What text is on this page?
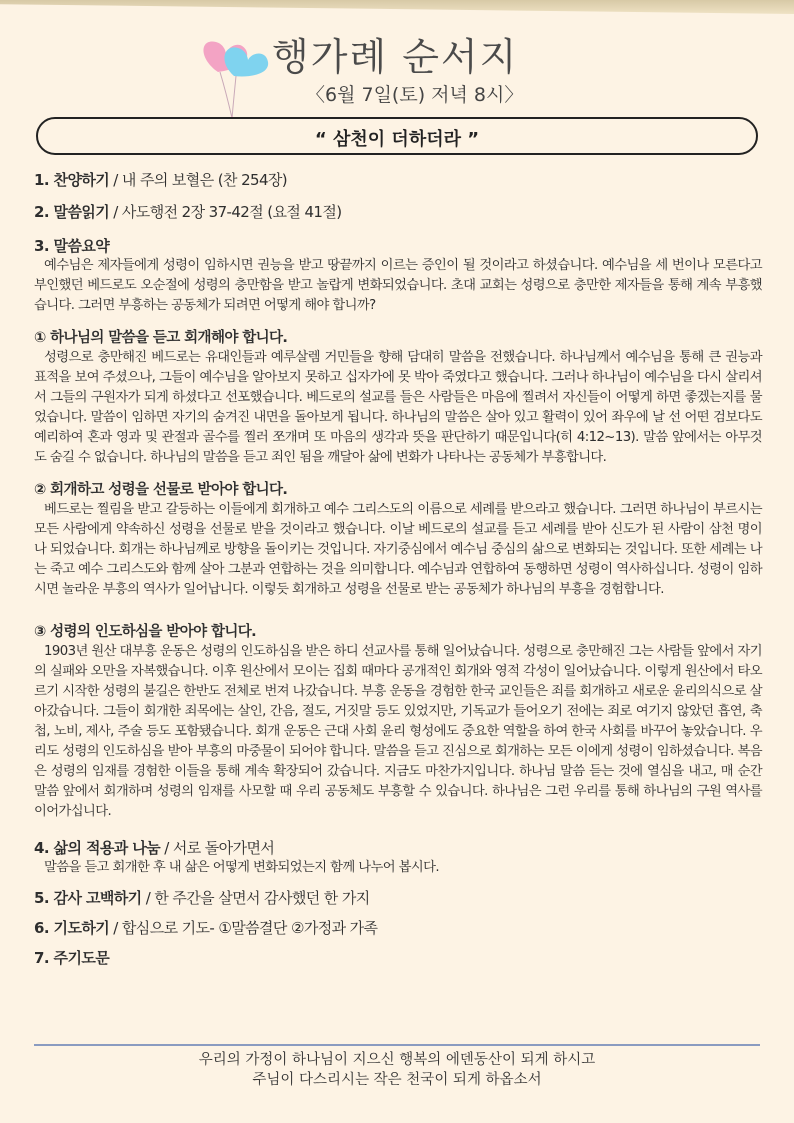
행가례 순서지
〈6월 7일(토) 저녁 8시〉
“ 삼천이 더하더라 ”
1. 찬양하기 / 내 주의 보혈은 (찬 254장)
2. 말씀읽기 / 사도행전 2장 37-42절 (요절 41절)
3. 말씀요약

예수님은 제자들에게 성령이 임하시면 권능을 받고 땅끝까지 이르는 증인이 될 것이라고 하셨습니다. 예수님을 세 번이나 모른다고 부인했던 베드로도 오순절에 성령의 충만함을 받고 놀랍게 변화되었습니다. 초대 교회는 성령으로 충만한 제자들을 통해 계속 부흥했습니다. 그러면 부흥하는 공동체가 되려면 어떻게 해야 합니까?

① 하나님의 말씀을 듣고 회개해야 합니다.

성령으로 충만해진 베드로는 유대인들과 예루살렘 거민들을 향해 담대히 말씀을 전했습니다. 하나님께서 예수님을 통해 큰 권능과 표적을 보여 주셨으나, 그들이 예수님을 알아보지 못하고 십자가에 못 박아 죽였다고 했습니다. 그러나 하나님이 예수님을 다시 살리셔서 그들의 구원자가 되게 하셨다고 선포했습니다. 베드로의 설교를 들은 사람들은 마음에 찔려서 자신들이 어떻게 하면 좋겠는지를 물었습니다. 말씀이 임하면 자기의 숨겨진 내면을 돌아보게 됩니다. 하나님의 말씀은 살아 있고 활력이 있어 좌우에 날 선 어떤 검보다도 예리하여 혼과 영과 및 관절과 골수를 찔러 쪼개며 또 마음의 생각과 뜻을 판단하기 때문입니다(히 4:12~13). 말씀 앞에서는 아무것도 숨길 수 없습니다. 하나님의 말씀을 듣고 죄인 됨을 깨달아 삶에 변화가 나타나는 공동체가 부흥합니다.

② 회개하고 성령을 선물로 받아야 합니다.

베드로는 찔림을 받고 갈등하는 이들에게 회개하고 예수 그리스도의 이름으로 세례를 받으라고 했습니다. 그러면 하나님이 부르시는 모든 사람에게 약속하신 성령을 선물로 받을 것이라고 했습니다. 이날 베드로의 설교를 듣고 세례를 받아 신도가 된 사람이 삼천 명이나 되었습니다. 회개는 하나님께로 방향을 돌이키는 것입니다. 자기중심에서 예수님 중심의 삶으로 변화되는 것입니다. 또한 세례는 나는 죽고 예수 그리스도와 함께 살아 그분과 연합하는 것을 의미합니다. 예수님과 연합하여 동행하면 성령이 역사하십니다. 성령이 임하시면 놀라운 부흥의 역사가 일어납니다. 이렇듯 회개하고 성령을 선물로 받는 공동체가 하나님의 부흥을 경험합니다.

③ 성령의 인도하심을 받아야 합니다.

1903년 원산 대부흥 운동은 성령의 인도하심을 받은 하디 선교사를 통해 일어났습니다. 성령으로 충만해진 그는 사람들 앞에서 자기의 실패와 오만을 자복했습니다. 이후 원산에서 모이는 집회 때마다 공개적인 회개와 영적 각성이 일어났습니다. 이렇게 원산에서 타오르기 시작한 성령의 불길은 한반도 전체로 번져 나갔습니다. 부흥 운동을 경험한 한국 교인들은 죄를 회개하고 새로운 윤리의식으로 살아갔습니다. 그들이 회개한 죄목에는 살인, 간음, 절도, 거짓말 등도 있었지만, 기독교가 들어오기 전에는 죄로 여기지 않았던 흡연, 축첩, 노비, 제사, 주술 등도 포함됐습니다. 회개 운동은 근대 사회 윤리 형성에도 중요한 역할을 하여 한국 사회를 바꾸어 놓았습니다. 우리도 성령의 인도하심을 받아 부흥의 마중물이 되어야 합니다. 말씀을 듣고 진심으로 회개하는 모든 이에게 성령이 임하셨습니다. 복음은 성령의 임재를 경험한 이들을 통해 계속 확장되어 갔습니다. 지금도 마찬가지입니다. 하나님 말씀 듣는 것에 열심을 내고, 매 순간 말씀 앞에서 회개하며 성령의 임재를 사모할 때 우리 공동체도 부흥할 수 있습니다. 하나님은 그런 우리를 통해 하나님의 구원 역사를 이어가십니다.

4. 삶의 적용과 나눔 / 서로 돌아가면서

말씀을 듣고 회개한 후 내 삶은 어떻게 변화되었는지 함께 나누어 봅시다.

5. 감사 고백하기 / 한 주간을 살면서 감사했던 한 가지
6. 기도하기 / 합심으로 기도- ①말씀결단 ②가정과 가족
7. 주기도문
우리의 가정이 하나님이 지으신 행복의 에덴동산이 되게 하시고
주님이 다스리시는 작은 천국이 되게 하옵소서
